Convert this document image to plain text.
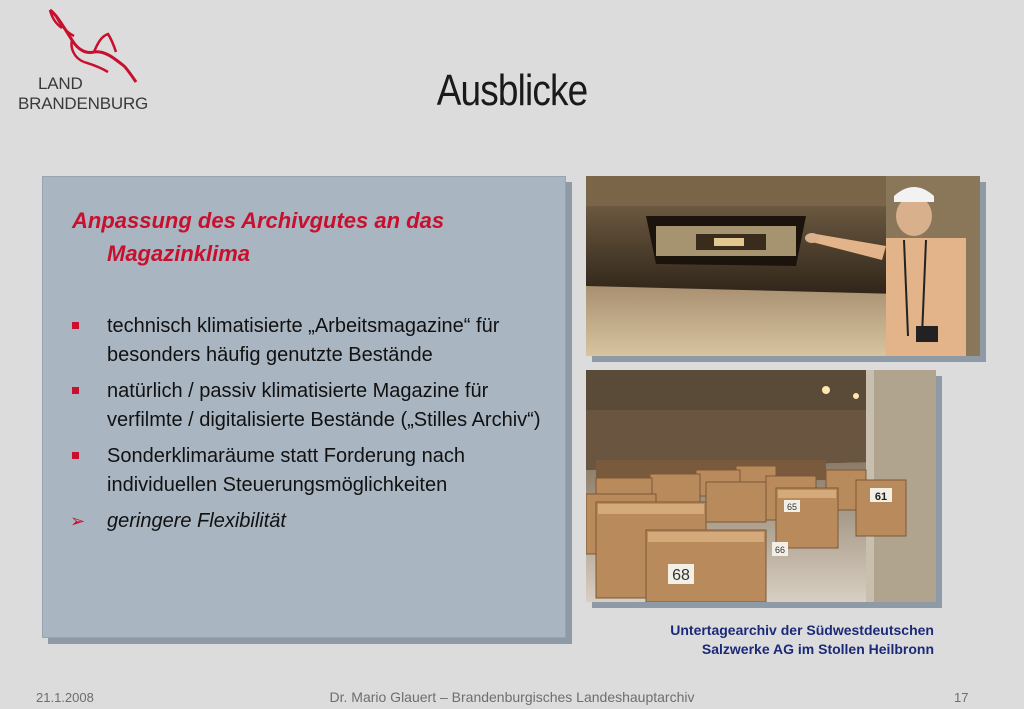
LAND
BRANDENBURG	Ausblicke
Anpassung des Archivgutes an das
Magazinklima
technisch klimatisierte „Arbeitsmagazine“ für besonders häufig genutzte Bestände
natürlich / passiv klimatisierte Magazine für verfilmte / digitalisierte Bestände („Stilles Archiv“)
Sonderklimaräume statt Forderung nach individuellen Steuerungsmöglichkeiten
➢ geringere Flexibilität
68
61
65
66
Untertagearchiv der Südwestdeutschen
Salzwerke AG im Stollen Heilbronn
21.1.2008	Dr. Mario Glauert – Brandenburgisches Landeshauptarchiv	17
